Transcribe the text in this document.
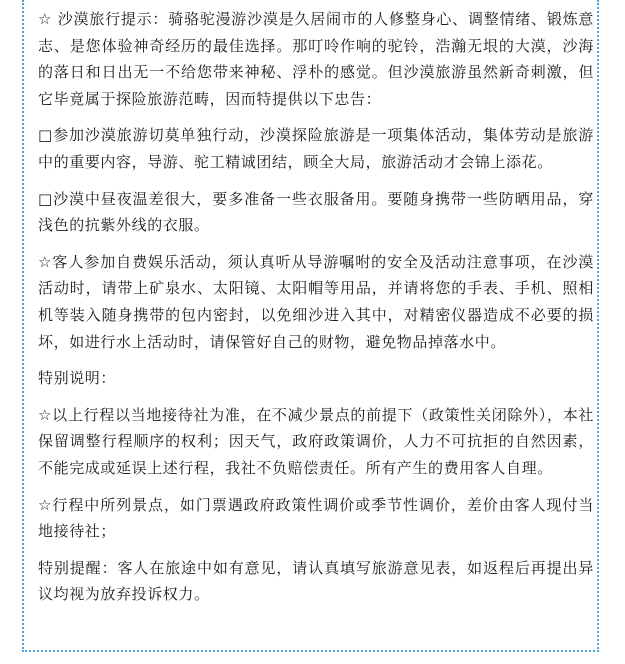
☆ 沙漠旅行提示：骑骆驼漫游沙漠是久居闹市的人修整身心、调整情绪、锻炼意志、是您体验神奇经历的最佳选择。那叮呤作响的驼铃，浩瀚无垠的大漠，沙海的落日和日出无一不给您带来神秘、浮朴的感觉。但沙漠旅游虽然新奇刺激，但它毕竟属于探险旅游范畴，因而特提供以下忠告：

□参加沙漠旅游切莫单独行动，沙漠探险旅游是一项集体活动，集体劳动是旅游中的重要内容，导游、驼工精诚团结，顾全大局，旅游活动才会锦上添花。

□沙漠中昼夜温差很大，要多准备一些衣服备用。要随身携带一些防晒用品，穿浅色的抗紫外线的衣服。

☆客人参加自费娱乐活动，须认真听从导游嘱咐的安全及活动注意事项，在沙漠活动时，请带上矿泉水、太阳镜、太阳帽等用品，并请将您的手表、手机、照相机等装入随身携带的包内密封，以免细沙进入其中，对精密仪器造成不必要的损坏，如进行水上活动时，请保管好自己的财物，避免物品掉落水中。

特别说明：

☆以上行程以当地接待社为准，在不减少景点的前提下（政策性关闭除外），本社保留调整行程顺序的权利；因天气，政府政策调价，人力不可抗拒的自然因素，不能完成或延误上述行程，我社不负赔偿责任。所有产生的费用客人自理。

☆行程中所列景点，如门票遇政府政策性调价或季节性调价，差价由客人现付当地接待社；

特别提醒：客人在旅途中如有意见，请认真填写旅游意见表，如返程后再提出异议均视为放弃投诉权力。
